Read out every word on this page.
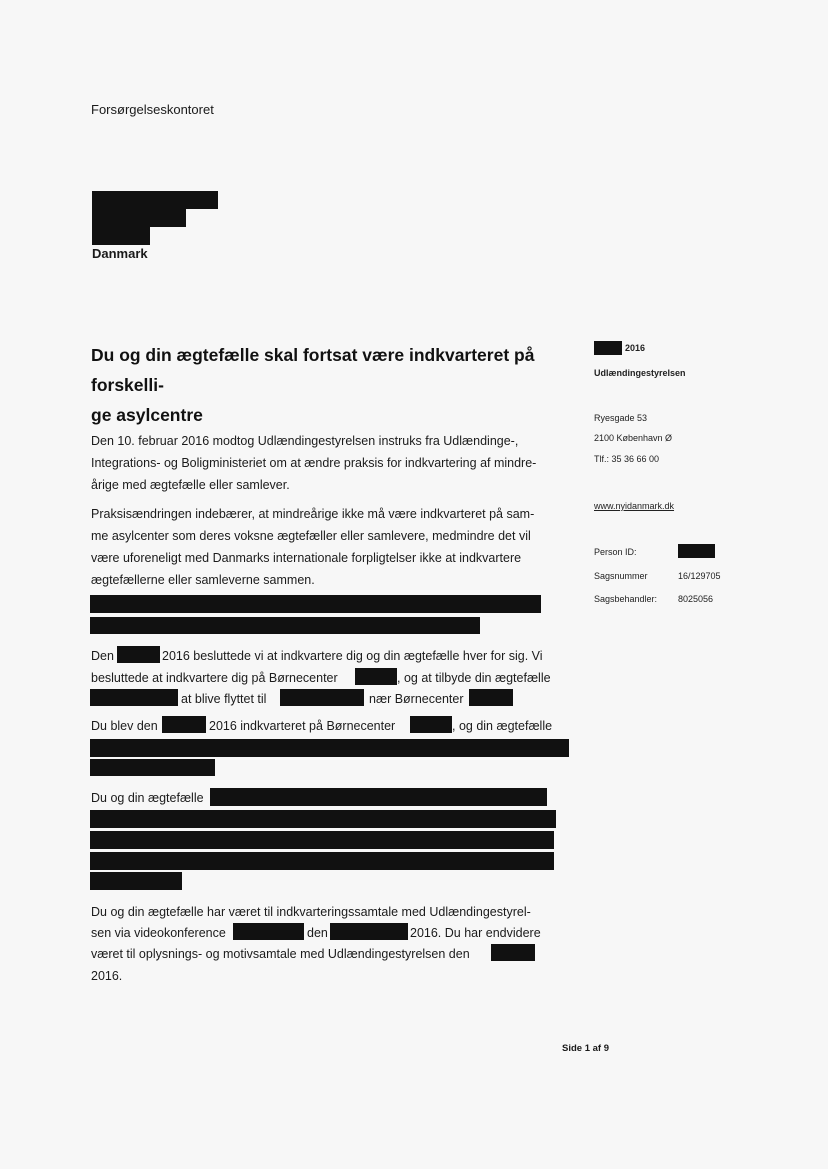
Forsørgelseskontoret
Danmark
Du og din ægtefælle skal fortsat være indkvarteret på forskelli-
ge asylcentre
2016
Udlændingestyrelsen
Ryesgade 53
2100 København Ø
Tlf.: 35 36 66 00
www.nyidanmark.dk
Person ID:
Sagsnummer	16/129705
Sagsbehandler: 8025056
Den 10. februar 2016 modtog Udlændingestyrelsen instruks fra Udlændinge-,
Integrations- og Boligministeriet om at ændre praksis for indkvartering af mindre-
årige med ægtefælle eller samlever.
Praksisændringen indebærer, at mindreårige ikke må være indkvarteret på sam-
me asylcenter som deres voksne ægtefæller eller samlevere, medmindre det vil
være uforeneligt med Danmarks internationale forpligtelser ikke at indkvartere
ægtefællerne eller samleverne sammen.
Den	2016 besluttede vi at indkvartere dig og din ægtefælle hver for sig. Vi
besluttede at indkvartere dig på Børnecenter	, og at tilbyde din ægtefælle
at blive flyttet til	nær Børnecenter
Du blev den	2016 indkvarteret på Børnecenter	, og din ægtefælle
Du og din ægtefælle
Du og din ægtefælle har været til indkvarteringssamtale med Udlændingestyrel-
sen via videokonference	den	2016. Du har endvidere
været til oplysnings- og motivsamtale med Udlændingestyrelsen den
2016.
Side 1 af 9
